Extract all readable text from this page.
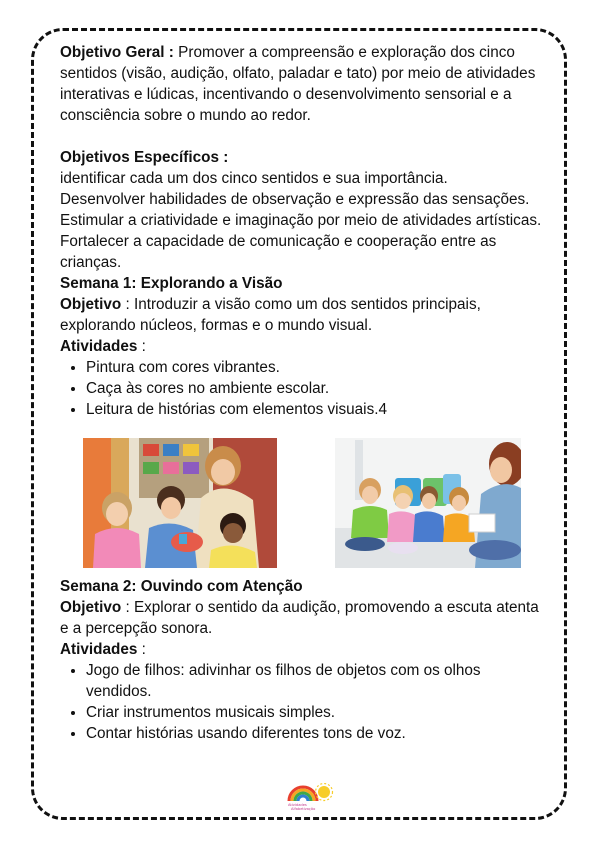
Objetivo Geral : Promover a compreensão e exploração dos cinco sentidos (visão, audição, olfato, paladar e tato) por meio de atividades interativas e lúdicas, incentivando o desenvolvimento sensorial e a consciência sobre o mundo ao redor.

Objetivos Específicos :

identificar cada um dos cinco sentidos e sua importância.

Desenvolver habilidades de observação e expressão das sensações.

Estimular a criatividade e imaginação por meio de atividades artísticas.

Fortalecer a capacidade de comunicação e cooperação entre as crianças.

Semana 1: Explorando a Visão

Objetivo : Introduzir a visão como um dos sentidos principais, explorando núcleos, formas e o mundo visual.

Atividades :

• Pintura com cores vibrantes.
• Caça às cores no ambiente escolar.
• Leitura de histórias com elementos visuais.4

Semana 2: Ouvindo com Atenção

Objetivo : Explorar o sentido da audição, promovendo a escuta atenta e a percepção sonora.

Atividades :

• Jogo de filhos: adivinhar os filhos de objetos com os olhos vendidos.
• Criar instrumentos musicais simples.
• Contar histórias usando diferentes tons de voz.
Atividades
Alfabetização
